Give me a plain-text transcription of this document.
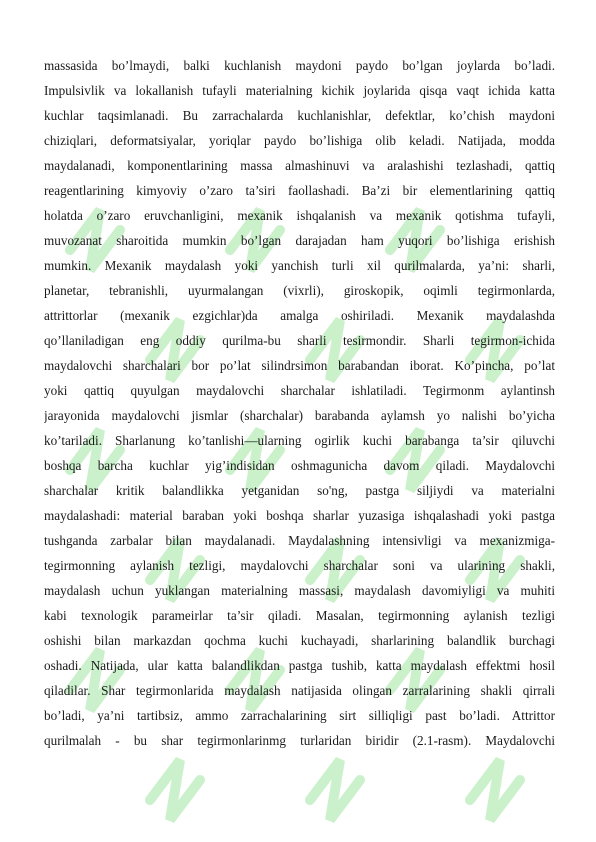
massasida bo’lmaydi, balki kuchlanish maydoni paydo bo’lgan joylarda bo’ladi.
Impulsivlik va lokallanish tufayli materialning kichik joylarida qisqa vaqt ichida katta
kuchlar taqsimlanadi. Bu zarrachalarda kuchlanishlar, defektlar, ko’chish maydoni
chiziqlari, deformatsiyalar, yoriqlar paydo bo’lishiga olib keladi. Natijada, modda
maydalanadi, komponentlarining massa almashinuvi va aralashishi tezlashadi, qattiq
reagentlarining kimyoviy o’zaro ta’siri faollashadi. Ba’zi bir elementlarining qattiq
holatda o’zaro eruvchanligini, mexanik ishqalanish va mexanik qotishma tufayli,
muvozanat sharoitida mumkin bo’lgan darajadan ham yuqori bo’lishiga erishish
mumkin. Mexanik maydalash yoki yanchish turli xil qurilmalarda, ya’ni: sharli,
planetar, tebranishli, uyurmalangan (vixrli), giroskopik, oqimli tegirmonlarda,
attrittorlar (mexanik ezgichlar)da amalga oshiriladi. Mexanik maydalashda
qo’llaniladigan eng oddiy qurilma-bu sharli tesirmondir. Sharli tegirmon-ichida
maydalovchi sharchalari bor po’lat silindrsimon barabandan iborat. Ko’pincha, po’lat
yoki qattiq quyulgan maydalovchi sharchalar ishlatiladi. Tegirmonm aylantinsh
jarayonida maydalovchi jismlar (sharchalar) barabanda aylamsh yo nalishi bo’yicha
ko’tariladi. Sharlanung ko’tanlishi—ularning ogirlik kuchi barabanga ta’sir qiluvchi
boshqa barcha kuchlar yig’indisidan oshmagunicha davom qiladi. Maydalovchi
sharchalar kritik balandlikka yetganidan so'ng, pastga siljiydi va materialni
maydalashadi: material baraban yoki boshqa sharlar yuzasiga ishqalashadi yoki pastga
tushganda zarbalar bilan maydalanadi. Maydalashning intensivligi va mexanizmiga-
tegirmonning aylanish tezligi, maydalovchi sharchalar soni va ularining shakli,
maydalash uchun yuklangan materialning massasi, maydalash davomiyligi va muhiti
kabi texnologik parameirlar ta’sir qiladi. Masalan, tegirmonning aylanish tezligi
oshishi bilan markazdan qochma kuchi kuchayadi, sharlarining balandlik burchagi
oshadi. Natijada, ular katta balandlikdan pastga tushib, katta maydalash effektmi hosil
qiladilar. Shar tegirmonlarida maydalash natijasida olingan zarralarining shakli qirrali
bo’ladi, ya’ni tartibsiz, ammo zarrachalarining sirt silliqligi past bo’ladi. Attrittor
qurilmalah - bu shar tegirmonlarinmg turlaridan biridir (2.1-rasm). Maydalovchi
